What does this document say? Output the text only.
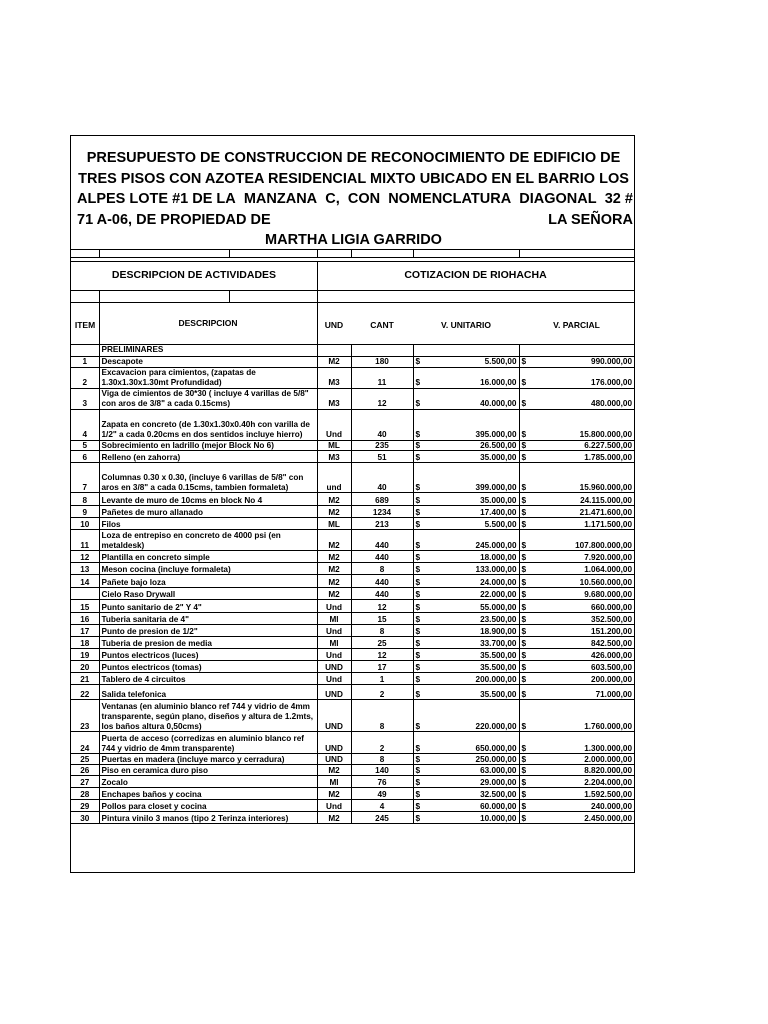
PRESUPUESTO DE CONSTRUCCION DE RECONOCIMIENTO DE EDIFICIO DE
TRES PISOS CON AZOTEA RESIDENCIAL MIXTO UBICADO EN EL BARRIO LOS
ALPES LOTE #1 DE LA MANZANA C, CON NOMENCLATURA DIAGONAL 32 #
71 A-06, DE PROPIEDAD DE	LA SEÑORA
MARTHA LIGIA GARRIDO
DESCRIPCION DE ACTIVIDADES	COTIZACION DE RIOHACHA
ITEM	DESCRIPCION	UND	CANT	V. UNITARIO	V. PARCIAL
	PRELIMINARES				
1	Descapote	M2	180	$ 5.500,00	$ 990.000,00

2	Excavacion para cimientos, (zapatas de 1.30x1.30x1.30mt Profundidad)	M3	11	$ 16.000,00	$ 176.000,00

3	Viga de cimientos de 30*30 ( incluye 4 varillas de 5/8" con aros de 3/8" a cada 0.15cms)	M3	12	$ 40.000,00	$ 480.000,00

4	Zapata en concreto (de 1.30x1.30x0.40h con varilla de 1/2" a cada 0.20cms en dos sentidos incluye hierro)	Und	40	$ 395.000,00	$ 15.800.000,00

5	Sobrecimiento en ladrillo (mejor Block No 6)	ML	235	$ 26.500,00	$ 6.227.500,00

6	Relleno (en zahorra)	M3	51	$ 35.000,00	$ 1.785.000,00

7	Columnas 0.30 x 0.30, (incluye 6 varillas de 5/8" con aros en 3/8" a cada 0.15cms, tambien formaleta)	und	40	$ 399.000,00	$ 15.960.000,00

8	Levante de muro de 10cms en block No 4	M2	689	$ 35.000,00	$ 24.115.000,00

9	Pañetes de muro allanado	M2	1234	$ 17.400,00	$ 21.471.600,00

10	Filos	ML	213	$ 5.500,00	$ 1.171.500,00

11	Loza de entrepiso en concreto de 4000 psi (en metaldesk)	M2	440	$ 245.000,00	$ 107.800.000,00

12	Plantilla en concreto simple	M2	440	$ 18.000,00	$ 7.920.000,00

13	Meson cocina (incluye formaleta)	M2	8	$ 133.000,00	$ 1.064.000,00

14	Pañete bajo loza	M2	440	$ 24.000,00	$ 10.560.000,00

	Cielo Raso Drywall	M2	440	$ 22.000,00	$ 9.680.000,00

15	Punto sanitario de 2" Y 4"	Und	12	$ 55.000,00	$ 660.000,00

16	Tuberia sanitaria de 4"	Ml	15	$ 23.500,00	$ 352.500,00

17	Punto de presion de 1/2"	Und	8	$ 18.900,00	$ 151.200,00

18	Tuberia de presion de media	Ml	25	$ 33.700,00	$ 842.500,00

19	Puntos electricos (luces)	Und	12	$ 35.500,00	$ 426.000,00

20	Puntos electricos (tomas)	UND	17	$ 35.500,00	$ 603.500,00

21	Tablero de 4 circuitos	Und	1	$ 200.000,00	$ 200.000,00

22	Salida telefonica	UND	2	$ 35.500,00	$ 71.000,00

23	Ventanas (en aluminio blanco ref 744 y vidrio de 4mm transparente, según plano, diseños y altura de 1.2mts, los baños altura 0,50cms)	UND	8	$ 220.000,00	$ 1.760.000,00

24	Puerta de acceso (corredizas en aluminio blanco ref 744 y vidrio de 4mm transparente)	UND	2	$ 650.000,00	$ 1.300.000,00

25	Puertas en madera (incluye marco y cerradura)	UND	8	$ 250.000,00	$ 2.000.000,00

26	Piso en ceramica duro piso	M2	140	$ 63.000,00	$ 8.820.000,00

27	Zocalo	Ml	76	$ 29.000,00	$ 2.204.000,00

28	Enchapes baños y cocina	M2	49	$ 32.500,00	$ 1.592.500,00

29	Pollos para closet y cocina	Und	4	$ 60.000,00	$ 240.000,00

30	Pintura vinilo 3 manos (tipo 2 Terinza interiores)	M2	245	$ 10.000,00	$ 2.450.000,00
